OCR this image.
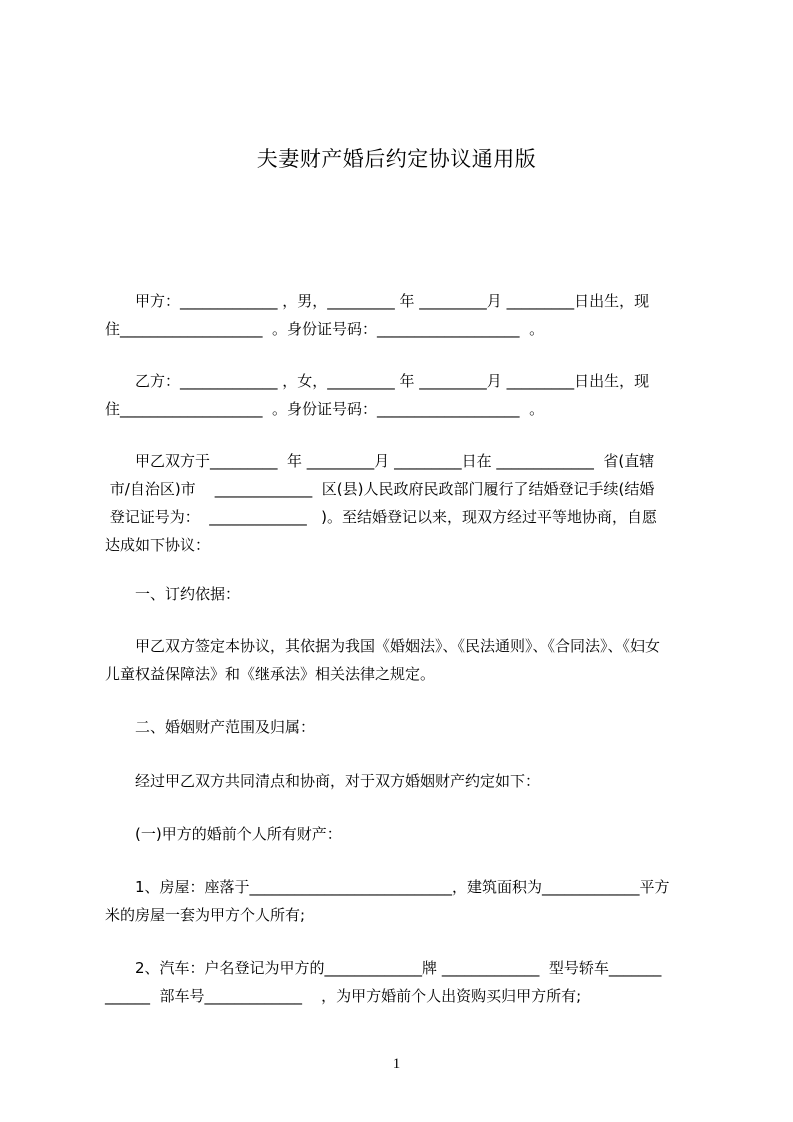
夫妻财产婚后约定协议通用版
　　甲方：_____________ ，男，_________ 年 _________月 _________日出生，现
住___________________  。身份证号码：___________________  。
　　乙方：_____________ ，女，_________ 年 _________月 _________日出生，现
住___________________  。身份证号码：___________________  。
　　甲乙双方于_________  年 _________月 _________日在 _____________  省(直辖
市/自治区)市    _____________  区(县)人民政府民政部门履行了结婚登记手续(结婚
登记证号为：  _____________   )。至结婚登记以来，现双方经过平等地协商，自愿
达成如下协议：
　　一、订约依据：
　　甲乙双方签定本协议，其依据为我国《婚姻法》、《民法通则》、《合同法》、《妇女
儿童权益保障法》和《继承法》相关法律之规定。
　　二、婚姻财产范围及归属：
　　经过甲乙双方共同清点和协商，对于双方婚姻财产约定如下：
　　(一)甲方的婚前个人所有财产：
　　1、房屋：座落于___________________________，建筑面积为_____________平方
米的房屋一套为甲方个人所有;
　　2、汽车：户名登记为甲方的_____________牌 _____________  型号轿车_______
______  部车号_____________    ，为甲方婚前个人出资购买归甲方所有;
1
